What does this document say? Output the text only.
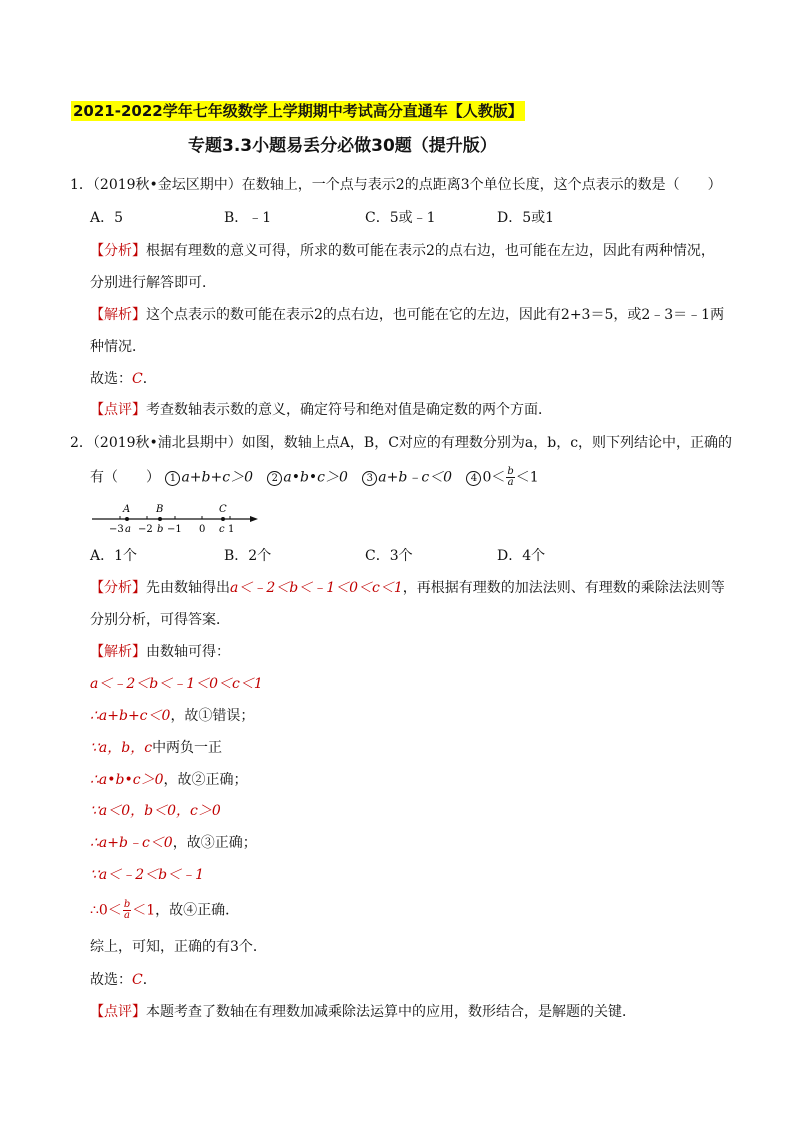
2021-2022学年七年级数学上学期期中考试高分直通车【人教版】
专题3.3小题易丢分必做30题（提升版）
1．（2019秋•金坛区期中）在数轴上，一个点与表示2的点距离3个单位长度，这个点表示的数是（　　）
A．5	B．﹣1	C．5或﹣1	D．5或1
【分析】根据有理数的意义可得，所求的数可能在表示2的点右边，也可能在左边，因此有两种情况，
分别进行解答即可．
【解析】这个点表示的数可能在表示2的点右边，也可能在它的左边，因此有2+3＝5，或2﹣3＝﹣1两
种情况．
故选：C．
【点评】考查数轴表示数的意义，确定符号和绝对值是确定数的两个方面．
2．（2019秋•浦北县期中）如图，数轴上点A，B，C对应的有理数分别为a，b，c，则下列结论中，正确的
有（　　） 1 a+b+c＞0 2 a•b•c＞0 3 a+b﹣c＜0 4 $0< \frac{b}{a} <1$
A	B	C
−3 a −2 b −1 0 c 1
A．1个	B．2个	C．3个	D．4个
【分析】先由数轴得出a＜﹣2＜b＜﹣1＜0＜c＜1，再根据有理数的加法法则、有理数的乘除法法则等
分别分析，可得答案．
【解析】由数轴可得：
a＜﹣2＜b＜﹣1＜0＜c＜1
∴a+b+c＜0，故①错误；
∵a，b，c中两负一正
∴a•b•c＞0，故②正确；
∵a＜0，b＜0，c＞0
∴a+b﹣c＜0，故③正确；
∵a＜﹣2＜b＜﹣1
∴0＜ $\frac{b}{a} <1$，故④正确．
综上，可知，正确的有3个．
故选：C．
【点评】本题考查了数轴在有理数加减乘除法运算中的应用，数形结合，是解题的关键．
